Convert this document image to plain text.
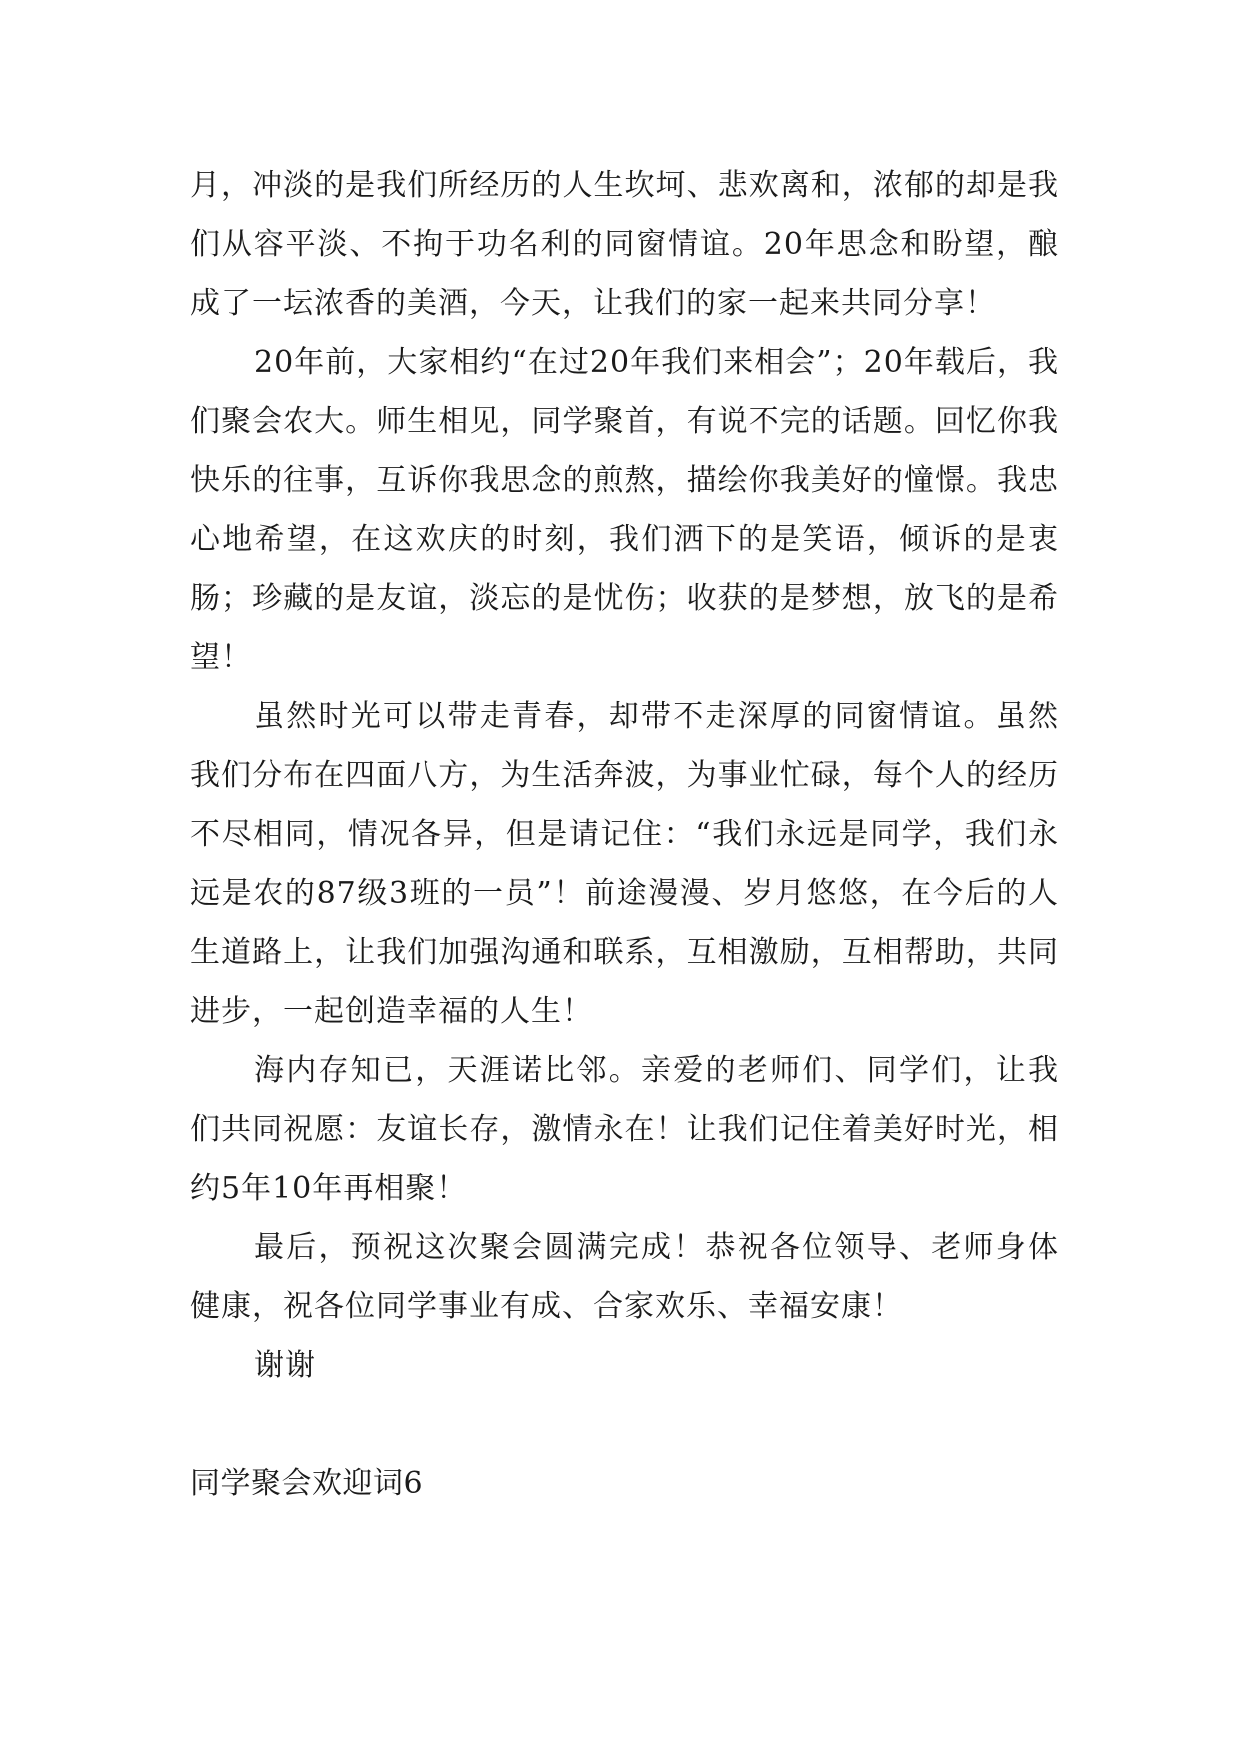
月，冲淡的是我们所经历的人生坎坷、悲欢离和，浓郁的却是我们从容平淡、不拘于功名利的同窗情谊。20年思念和盼望，酿成了一坛浓香的美酒，今天，让我们的家一起来共同分享！

20年前，大家相约“在过20年我们来相会”；20年载后，我们聚会农大。师生相见，同学聚首，有说不完的话题。回忆你我快乐的往事，互诉你我思念的煎熬，描绘你我美好的憧憬。我忠心地希望，在这欢庆的时刻，我们洒下的是笑语，倾诉的是衷肠；珍藏的是友谊，淡忘的是忧伤；收获的是梦想，放飞的是希望！

虽然时光可以带走青春，却带不走深厚的同窗情谊。虽然我们分布在四面八方，为生活奔波，为事业忙碌，每个人的经历不尽相同，情况各异，但是请记住：“我们永远是同学，我们永远是农的87级3班的一员”！前途漫漫、岁月悠悠，在今后的人生道路上，让我们加强沟通和联系，互相激励，互相帮助，共同进步，一起创造幸福的人生！

海内存知已，天涯诺比邻。亲爱的老师们、同学们，让我们共同祝愿：友谊长存，激情永在！让我们记住着美好时光，相约5年10年再相聚！

最后，预祝这次聚会圆满完成！恭祝各位领导、老师身体健康，祝各位同学事业有成、合家欢乐、幸福安康！

谢谢

同学聚会欢迎词6
